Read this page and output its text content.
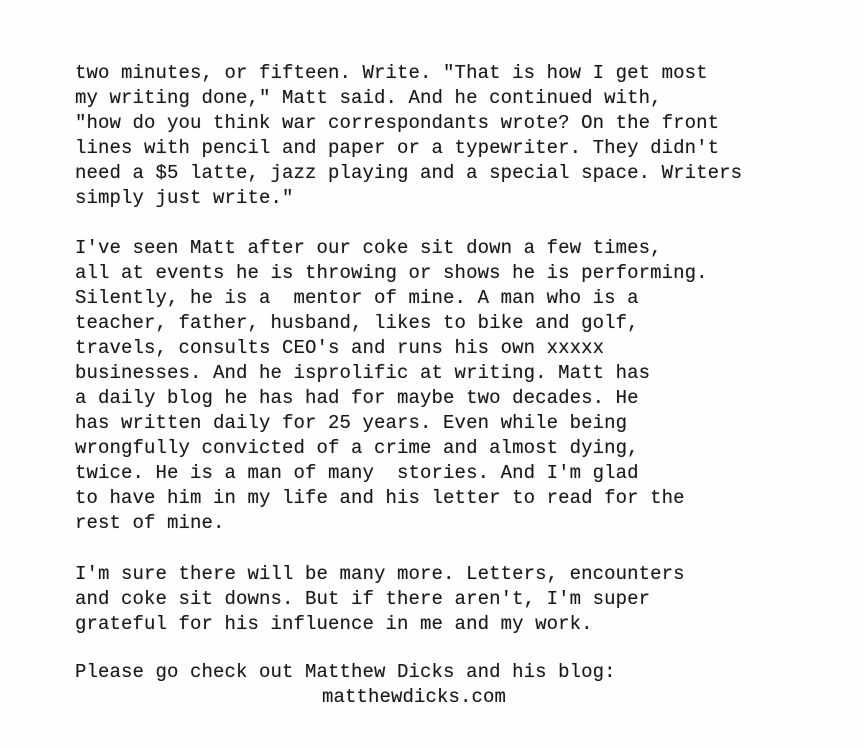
two minutes, or fifteen. Write. "That is how I get most
my writing done," Matt said. And he continued with,
"how do you think war correspondants wrote? On the front
lines with pencil and paper or a typewriter. They didn't
need a $5 latte, jazz playing and a special space. Writers
simply just write."

I've seen Matt after our coke sit down a few times,
all at events he is throwing or shows he is performing.
Silently, he is a  mentor of mine. A man who is a
teacher, father, husband, likes to bike and golf,
travels, consults CEO's and runs his own xxxxx
businesses. And he isprolific at writing. Matt has
a daily blog he has had for maybe two decades. He
has written daily for 25 years. Even while being
wrongfully convicted of a crime and almost dying,
twice. He is a man of many  stories. And I'm glad
to have him in my life and his letter to read for the
rest of mine.

I'm sure there will be many more. Letters, encounters
and coke sit downs. But if there aren't, I'm super
grateful for his influence in me and my work.

Please go check out Matthew Dicks and his blog:
matthewdicks.com
